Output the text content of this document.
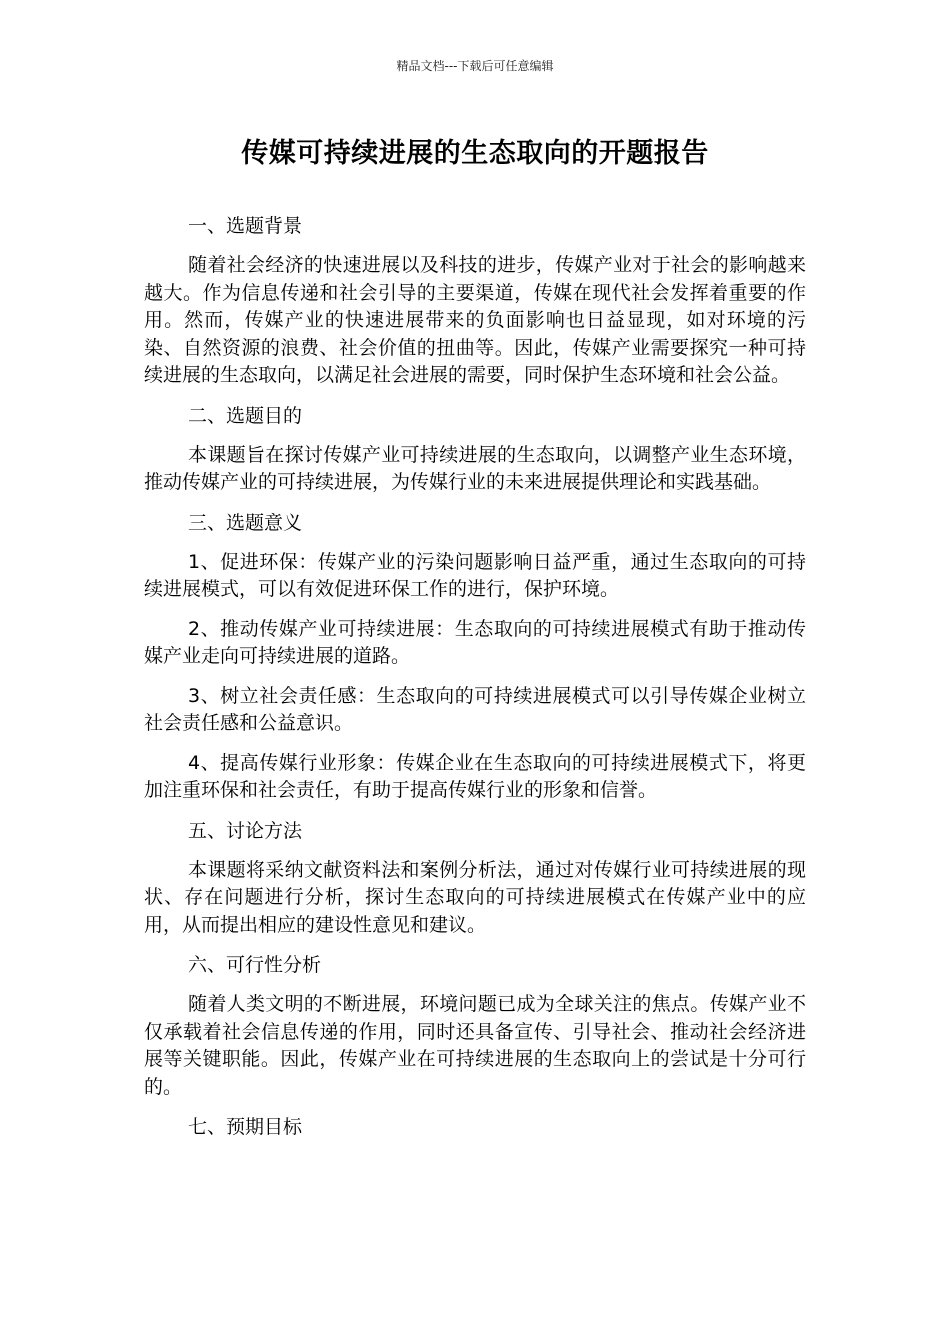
精品文档---下载后可任意编辑
传媒可持续进展的生态取向的开题报告
一、选题背景

随着社会经济的快速进展以及科技的进步，传媒产业对于社会的影响越来越大。作为信息传递和社会引导的主要渠道，传媒在现代社会发挥着重要的作用。然而，传媒产业的快速进展带来的负面影响也日益显现，如对环境的污染、自然资源的浪费、社会价值的扭曲等。因此，传媒产业需要探究一种可持续进展的生态取向，以满足社会进展的需要，同时保护生态环境和社会公益。

二、选题目的

本课题旨在探讨传媒产业可持续进展的生态取向，以调整产业生态环境，推动传媒产业的可持续进展，为传媒行业的未来进展提供理论和实践基础。

三、选题意义

1、促进环保：传媒产业的污染问题影响日益严重，通过生态取向的可持续进展模式，可以有效促进环保工作的进行，保护环境。

2、推动传媒产业可持续进展：生态取向的可持续进展模式有助于推动传媒产业走向可持续进展的道路。

3、树立社会责任感：生态取向的可持续进展模式可以引导传媒企业树立社会责任感和公益意识。

4、提高传媒行业形象：传媒企业在生态取向的可持续进展模式下，将更加注重环保和社会责任，有助于提高传媒行业的形象和信誉。

五、讨论方法

本课题将采纳文献资料法和案例分析法，通过对传媒行业可持续进展的现状、存在问题进行分析，探讨生态取向的可持续进展模式在传媒产业中的应用，从而提出相应的建设性意见和建议。

六、可行性分析

随着人类文明的不断进展，环境问题已成为全球关注的焦点。传媒产业不仅承载着社会信息传递的作用，同时还具备宣传、引导社会、推动社会经济进展等关键职能。因此，传媒产业在可持续进展的生态取向上的尝试是十分可行的。

七、预期目标
